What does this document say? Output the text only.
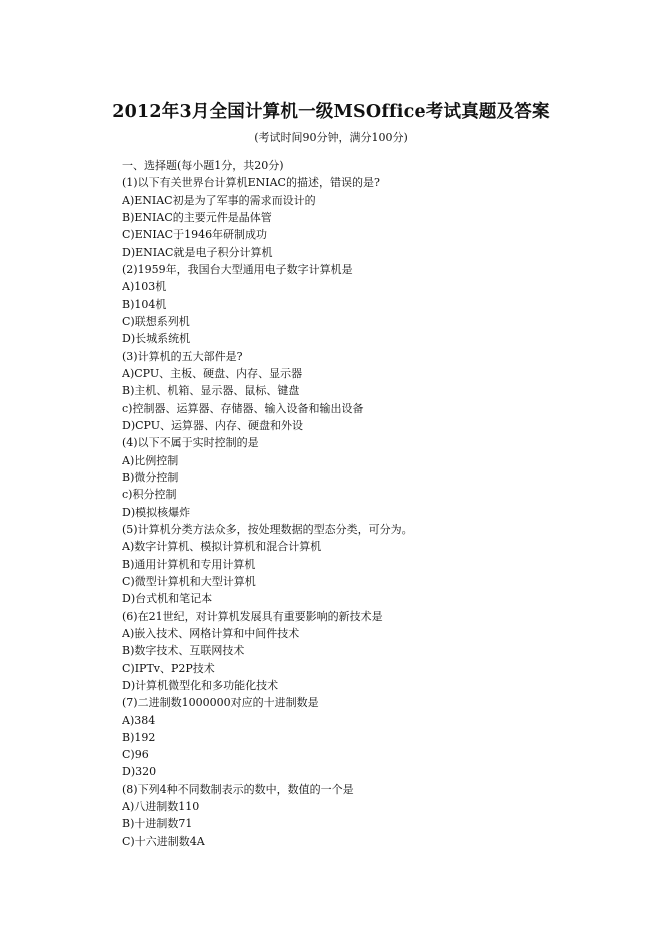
2012年3月全国计算机一级MSOffice考试真题及答案

(考试时间90分钟，满分100分)

一、选择题(每小题1分，共20分)
(1)以下有关世界台计算机ENIAC的描述，错误的是?
A)ENIAC初是为了军事的需求而设计的
B)ENIAC的主要元件是晶体管
C)ENIAC于1946年研制成功
D)ENIAC就是电子积分计算机
(2)1959年，我国台大型通用电子数字计算机是
A)103机
B)104机
C)联想系列机
D)长城系统机
(3)计算机的五大部件是?
A)CPU、主板、硬盘、内存、显示器
B)主机、机箱、显示器、鼠标、键盘
c)控制器、运算器、存储器、输入设备和输出设备
D)CPU、运算器、内存、硬盘和外设
(4)以下不属于实时控制的是
A)比例控制
B)微分控制
c)积分控制
D)模拟核爆炸
(5)计算机分类方法众多，按处理数据的型态分类，可分为。
A)数字计算机、模拟计算机和混合计算机
B)通用计算机和专用计算机
C)微型计算机和大型计算机
D)台式机和笔记本
(6)在21世纪，对计算机发展具有重要影响的新技术是
A)嵌入技术、网格计算和中间件技术
B)数字技术、互联网技术
C)IPTv、P2P技术
D)计算机微型化和多功能化技术
(7)二进制数1000000对应的十进制数是
A)384
B)192
C)96
D)320
(8)下列4种不同数制表示的数中，数值的一个是
A)八进制数110
B)十进制数71
C)十六进制数4A
